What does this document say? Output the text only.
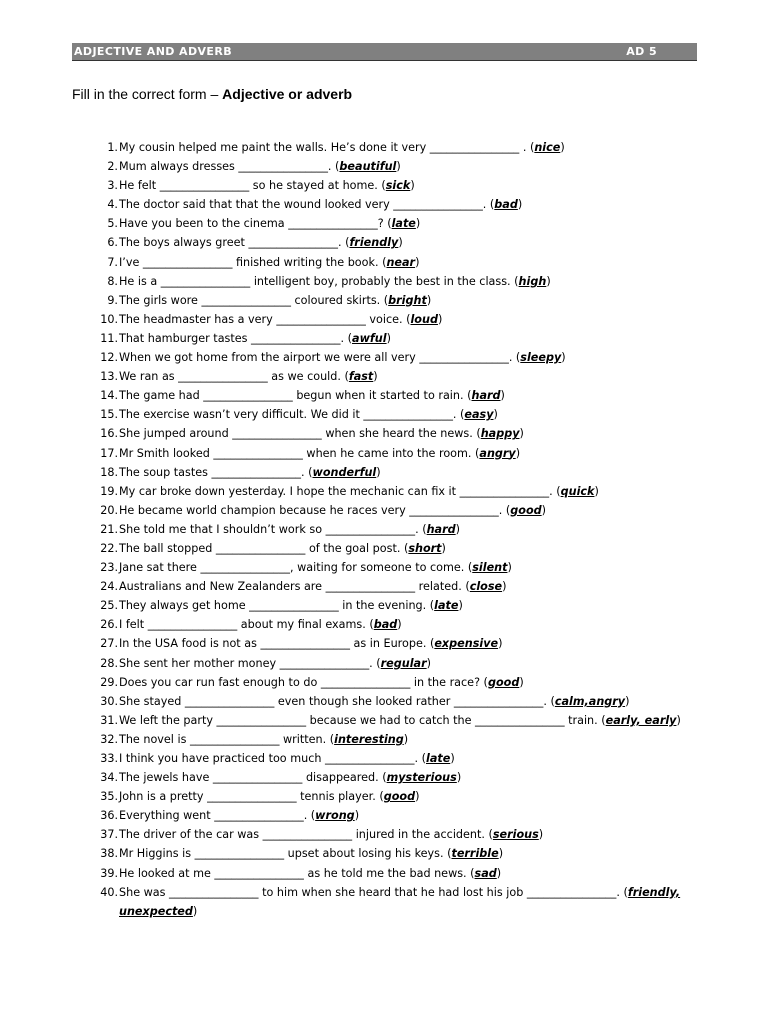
ADJECTIVE AND ADVERB	AD 5
Fill in the correct form – Adjective or adverb
1. My cousin helped me paint the walls. He’s done it very ________________ . (nice)
2. Mum always dresses ________________. (beautiful)
3. He felt ________________ so he stayed at home. (sick)
4. The doctor said that that the wound looked very ________________. (bad)
5. Have you been to the cinema ________________? (late)
6. The boys always greet ________________. (friendly)
7. I’ve ________________ finished writing the book. (near)
8. He is a ________________ intelligent boy, probably the best in the class. (high)
9. The girls wore ________________ coloured skirts. (bright)
10. The headmaster has a very ________________ voice. (loud)
11. That hamburger tastes ________________. (awful)
12. When we got home from the airport we were all very ________________. (sleepy)
13. We ran as ________________ as we could. (fast)
14. The game had ________________ begun when it started to rain. (hard)
15. The exercise wasn’t very difficult. We did it ________________. (easy)
16. She jumped around ________________ when she heard the news. (happy)
17. Mr Smith looked ________________ when he came into the room. (angry)
18. The soup tastes ________________. (wonderful)
19. My car broke down yesterday. I hope the mechanic can fix it ________________. (quick)
20. He became world champion because he races very ________________. (good)
21. She told me that I shouldn’t work so ________________. (hard)
22. The ball stopped ________________ of the goal post. (short)
23. Jane sat there ________________, waiting for someone to come. (silent)
24. Australians and New Zealanders are ________________ related. (close)
25. They always get home ________________ in the evening. (late)
26. I felt ________________ about my final exams. (bad)
27. In the USA food is not as ________________ as in Europe. (expensive)
28. She sent her mother money ________________. (regular)
29. Does you car run fast enough to do ________________ in the race? (good)
30. She stayed ________________ even though she looked rather ________________. (calm,angry)
31. We left the party ________________ because we had to catch the ________________ train. (early, early)
32. The novel is ________________ written. (interesting)
33. I think you have practiced too much ________________. (late)
34. The jewels have ________________ disappeared. (mysterious)
35. John is a pretty ________________ tennis player. (good)
36. Everything went ________________. (wrong)
37. The driver of the car was ________________ injured in the accident. (serious)
38. Mr Higgins is ________________ upset about losing his keys. (terrible)
39. He looked at me ________________ as he told me the bad news. (sad)
40. She was ________________ to him when she heard that he had lost his job ________________. (friendly, unexpected)
